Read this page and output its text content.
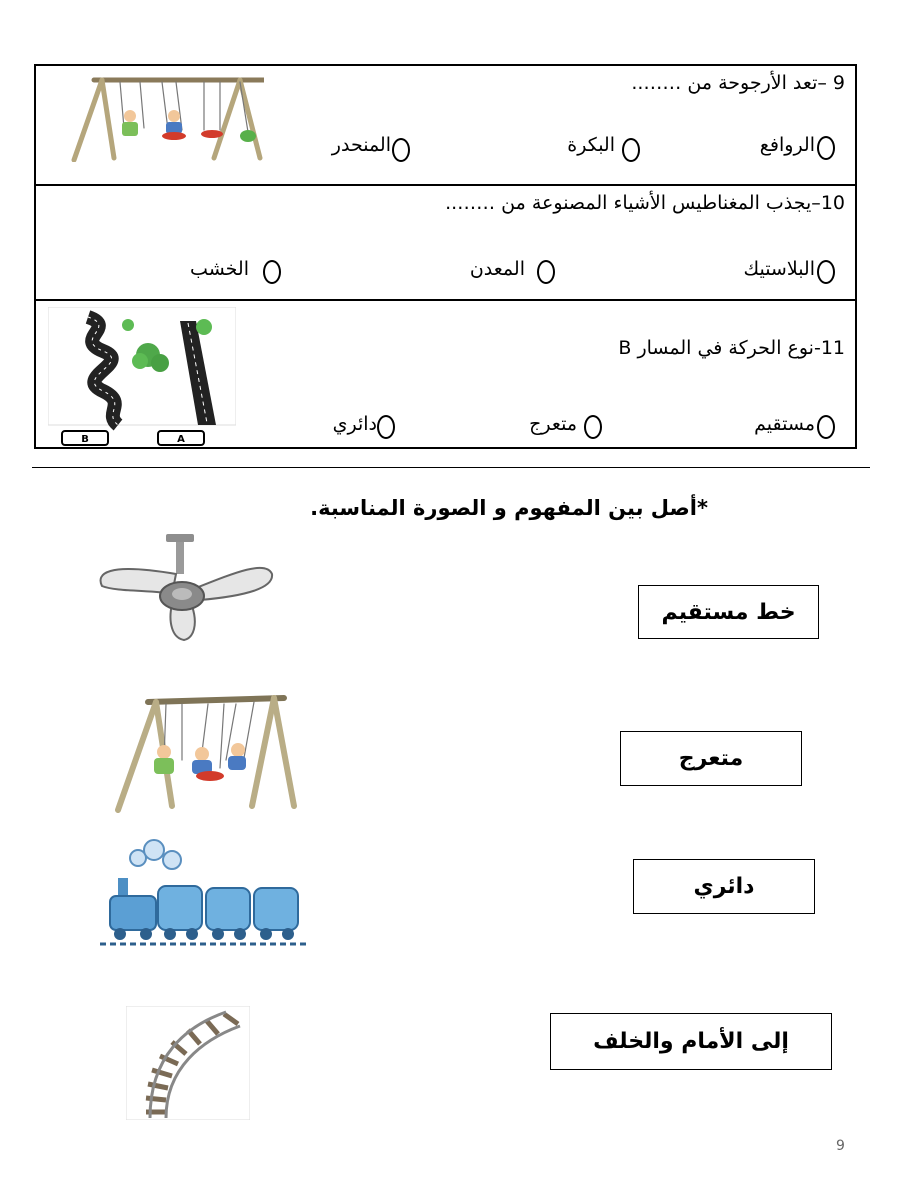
9 –تعد الأرجوحة من ……..
الروافع
البكرة
المنحدر
10–يجذب المغناطيس الأشياء المصنوعة من ……..
البلاستيك
المعدن
الخشب
B	A
11-نوع الحركة في المسار B
مستقيم
متعرج
دائري
*أصل بين المفهوم و الصورة المناسبة.
خط مستقيم
متعرج
دائري
إلى الأمام والخلف
9
